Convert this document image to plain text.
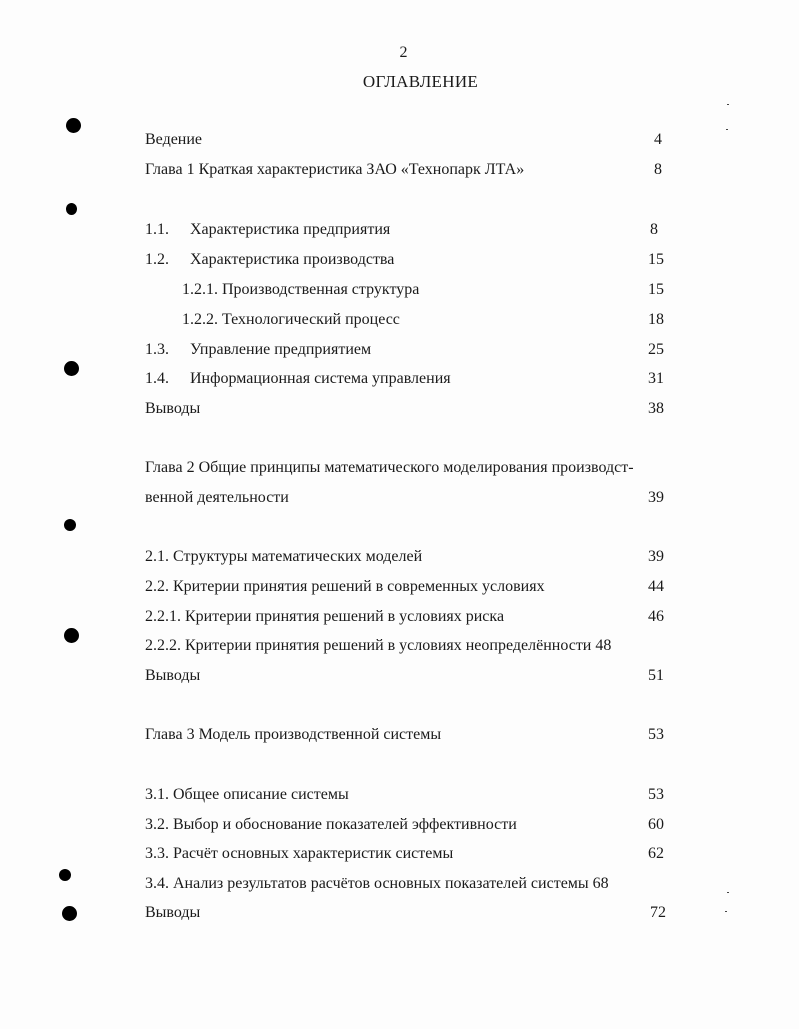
2
ОГЛАВЛЕНИЕ
Ведение	4
Глава 1 Краткая характеристика ЗАО «Технопарк ЛТА»	8
1.1. Характеристика предприятия	8
1.2. Характеристика производства	15
1.2.1. Производственная структура	15
1.2.2. Технологический процесс	18
1.3. Управление предприятием	25
1.4. Информационная система управления	31
Выводы	38
Глава 2 Общие принципы математического моделирования производст-
венной деятельности	39
2.1. Структуры математических моделей	39
2.2. Критерии принятия решений в современных условиях	44
2.2.1. Критерии принятия решений в условиях риска	46
2.2.2. Критерии принятия решений в условиях неопределённости 48
Выводы	51
Глава 3 Модель производственной системы	53
3.1. Общее описание системы	53
3.2. Выбор и обоснование показателей эффективности	60
3.3. Расчёт основных характеристик системы	62
3.4. Анализ результатов расчётов основных показателей системы 68
Выводы	72
